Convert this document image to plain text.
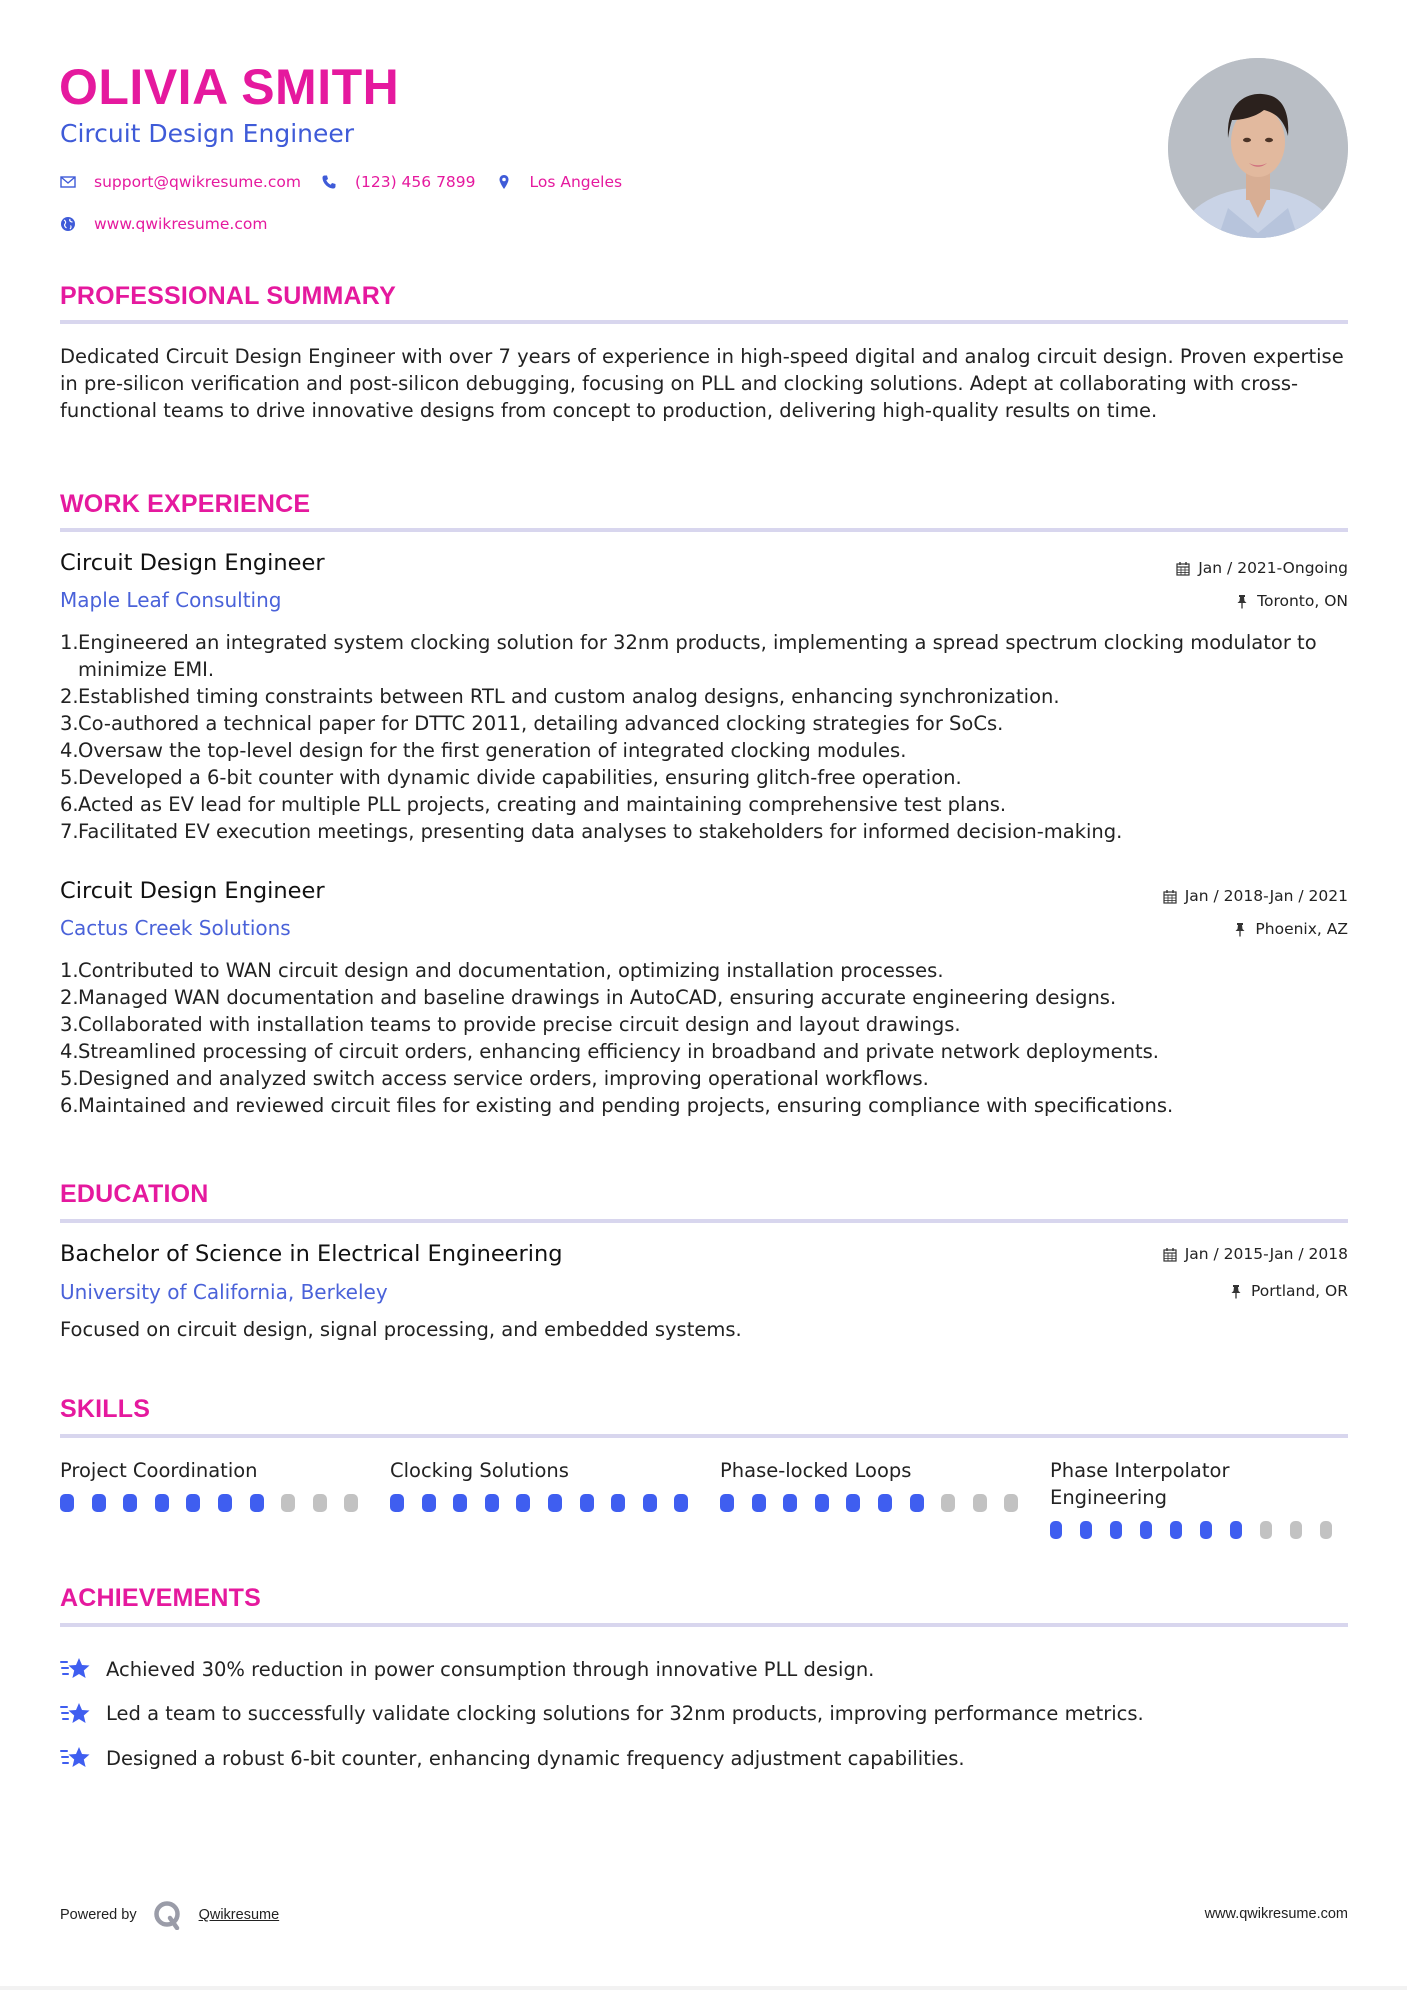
OLIVIA SMITH
Circuit Design Engineer
support@qwikresume.com	(123) 456 7899	Los Angeles
www.qwikresume.com
PROFESSIONAL SUMMARY

Dedicated Circuit Design Engineer with over 7 years of experience in high-speed digital and analog circuit design. Proven expertise in pre-silicon verification and post-silicon debugging, focusing on PLL and clocking solutions. Adept at collaborating with cross-functional teams to drive innovative designs from concept to production, delivering high-quality results on time.

WORK EXPERIENCE
Circuit Design Engineer
Maple Leaf Consulting
Jan / 2021-Ongoing
Toronto, ON
1. Engineered an integrated system clocking solution for 32nm products, implementing a spread spectrum clocking modulator to minimize EMI.
2. Established timing constraints between RTL and custom analog designs, enhancing synchronization.
3. Co-authored a technical paper for DTTC 2011, detailing advanced clocking strategies for SoCs.
4. Oversaw the top-level design for the first generation of integrated clocking modules.
5. Developed a 6-bit counter with dynamic divide capabilities, ensuring glitch-free operation.
6. Acted as EV lead for multiple PLL projects, creating and maintaining comprehensive test plans.
7. Facilitated EV execution meetings, presenting data analyses to stakeholders for informed decision-making.
Circuit Design Engineer
Cactus Creek Solutions
Jan / 2018-Jan / 2021
Phoenix, AZ
1. Contributed to WAN circuit design and documentation, optimizing installation processes.
2. Managed WAN documentation and baseline drawings in AutoCAD, ensuring accurate engineering designs.
3. Collaborated with installation teams to provide precise circuit design and layout drawings.
4. Streamlined processing of circuit orders, enhancing efficiency in broadband and private network deployments.
5. Designed and analyzed switch access service orders, improving operational workflows.
6. Maintained and reviewed circuit files for existing and pending projects, ensuring compliance with specifications.
EDUCATION
Bachelor of Science in Electrical Engineering
University of California, Berkeley
Jan / 2015-Jan / 2018
Portland, OR

Focused on circuit design, signal processing, and embedded systems.

SKILLS
Project Coordination	Clocking Solutions	Phase-locked Loops	Phase Interpolator Engineering
ACHIEVEMENTS
Achieved 30% reduction in power consumption through innovative PLL design.
Led a team to successfully validate clocking solutions for 32nm products, improving performance metrics.
Designed a robust 6-bit counter, enhancing dynamic frequency adjustment capabilities.
Powered by	Qwikresume	www.qwikresume.com
